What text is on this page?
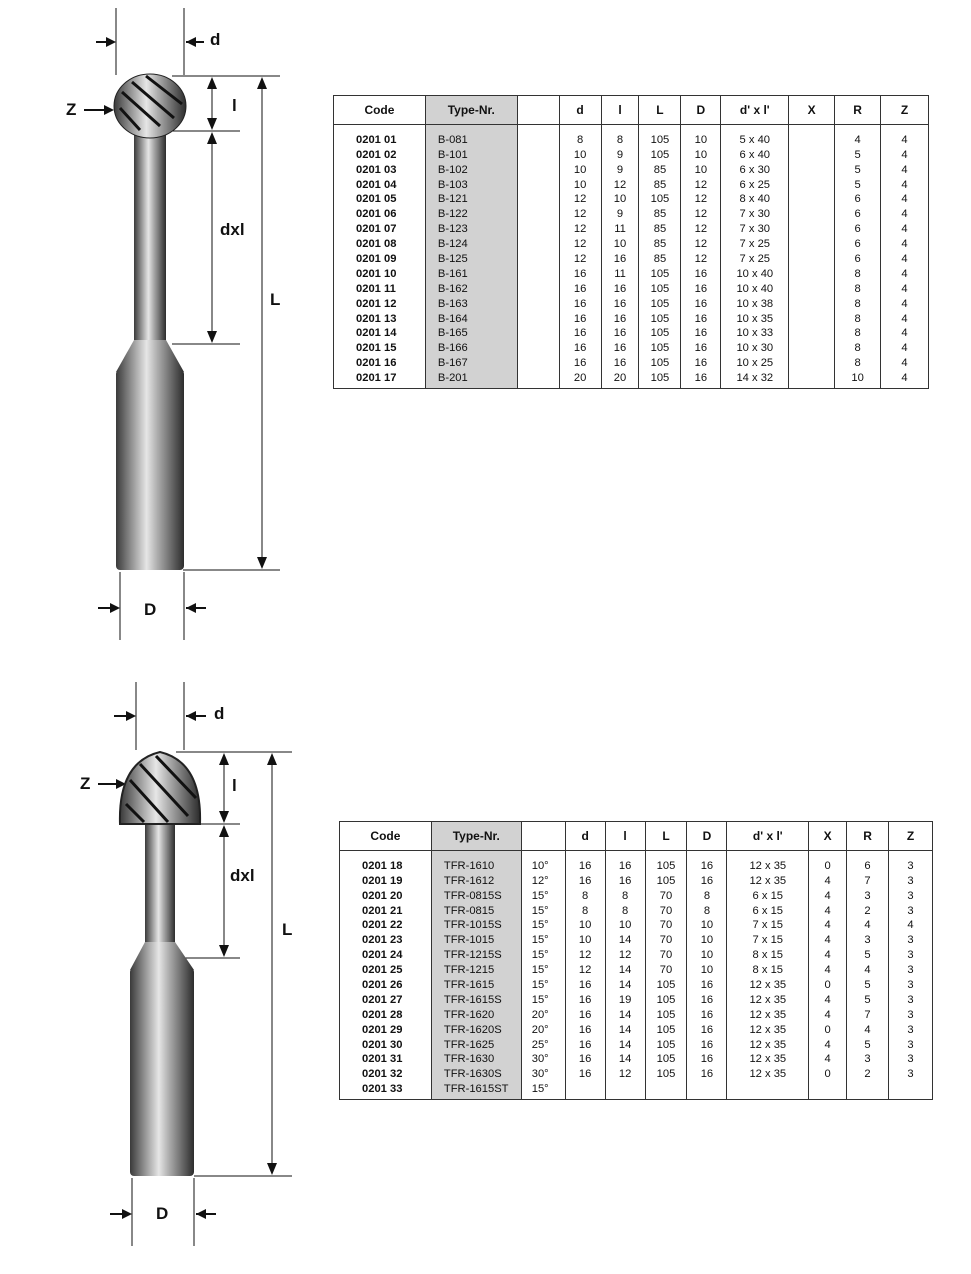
d
Z	l
dxl
L
D
d
Z	l
dxl
L
D
Code	Type-Nr.		d	l	L	D	d' x l'	X	R	Z

0201 01	B-081		8	8	105	10	5 x 40		4	4
0201 02	B-101		10	9	105	10	6 x 40		5	4
0201 03	B-102		10	9	85	10	6 x 30		5	4
0201 04	B-103		10	12	85	12	6 x 25		5	4
0201 05	B-121		12	10	105	12	8 x 40		6	4
0201 06	B-122		12	9	85	12	7 x 30		6	4
0201 07	B-123		12	11	85	12	7 x 30		6	4
0201 08	B-124		12	10	85	12	7 x 25		6	4
0201 09	B-125		12	16	85	12	7 x 25		6	4
0201 10	B-161		16	11	105	16	10 x 40		8	4
0201 11	B-162		16	16	105	16	10 x 40		8	4
0201 12	B-163		16	16	105	16	10 x 38		8	4
0201 13	B-164		16	16	105	16	10 x 35		8	4
0201 14	B-165		16	16	105	16	10 x 33		8	4
0201 15	B-166		16	16	105	16	10 x 30		8	4
0201 16	B-167		16	16	105	16	10 x 25		8	4
0201 17	B-201		20	20	105	16	14 x 32		10	4
Code	Type-Nr.		d	l	L	D	d' x l'	X	R	Z

0201 18	TFR-1610	10°	16	16	105	16	12 x 35	0	6	3
0201 19	TFR-1612	12°	16	16	105	16	12 x 35	4	7	3
0201 20	TFR-0815S	15°	8	8	70	8	6 x 15	4	3	3
0201 21	TFR-0815	15°	8	8	70	8	6 x 15	4	2	3
0201 22	TFR-1015S	15°	10	10	70	10	7 x 15	4	4	4
0201 23	TFR-1015	15°	10	14	70	10	7 x 15	4	3	3
0201 24	TFR-1215S	15°	12	12	70	10	8 x 15	4	5	3
0201 25	TFR-1215	15°	12	14	70	10	8 x 15	4	4	3
0201 26	TFR-1615	15°	16	14	105	16	12 x 35	0	5	3
0201 27	TFR-1615S	15°	16	19	105	16	12 x 35	4	5	3
0201 28	TFR-1620	20°	16	14	105	16	12 x 35	4	7	3
0201 29	TFR-1620S	20°	16	14	105	16	12 x 35	0	4	3
0201 30	TFR-1625	25°	16	14	105	16	12 x 35	4	5	3
0201 31	TFR-1630	30°	16	14	105	16	12 x 35	4	3	3
0201 32	TFR-1630S	30°	16	12	105	16	12 x 35	0	2	3
0201 33	TFR-1615ST	15°								
